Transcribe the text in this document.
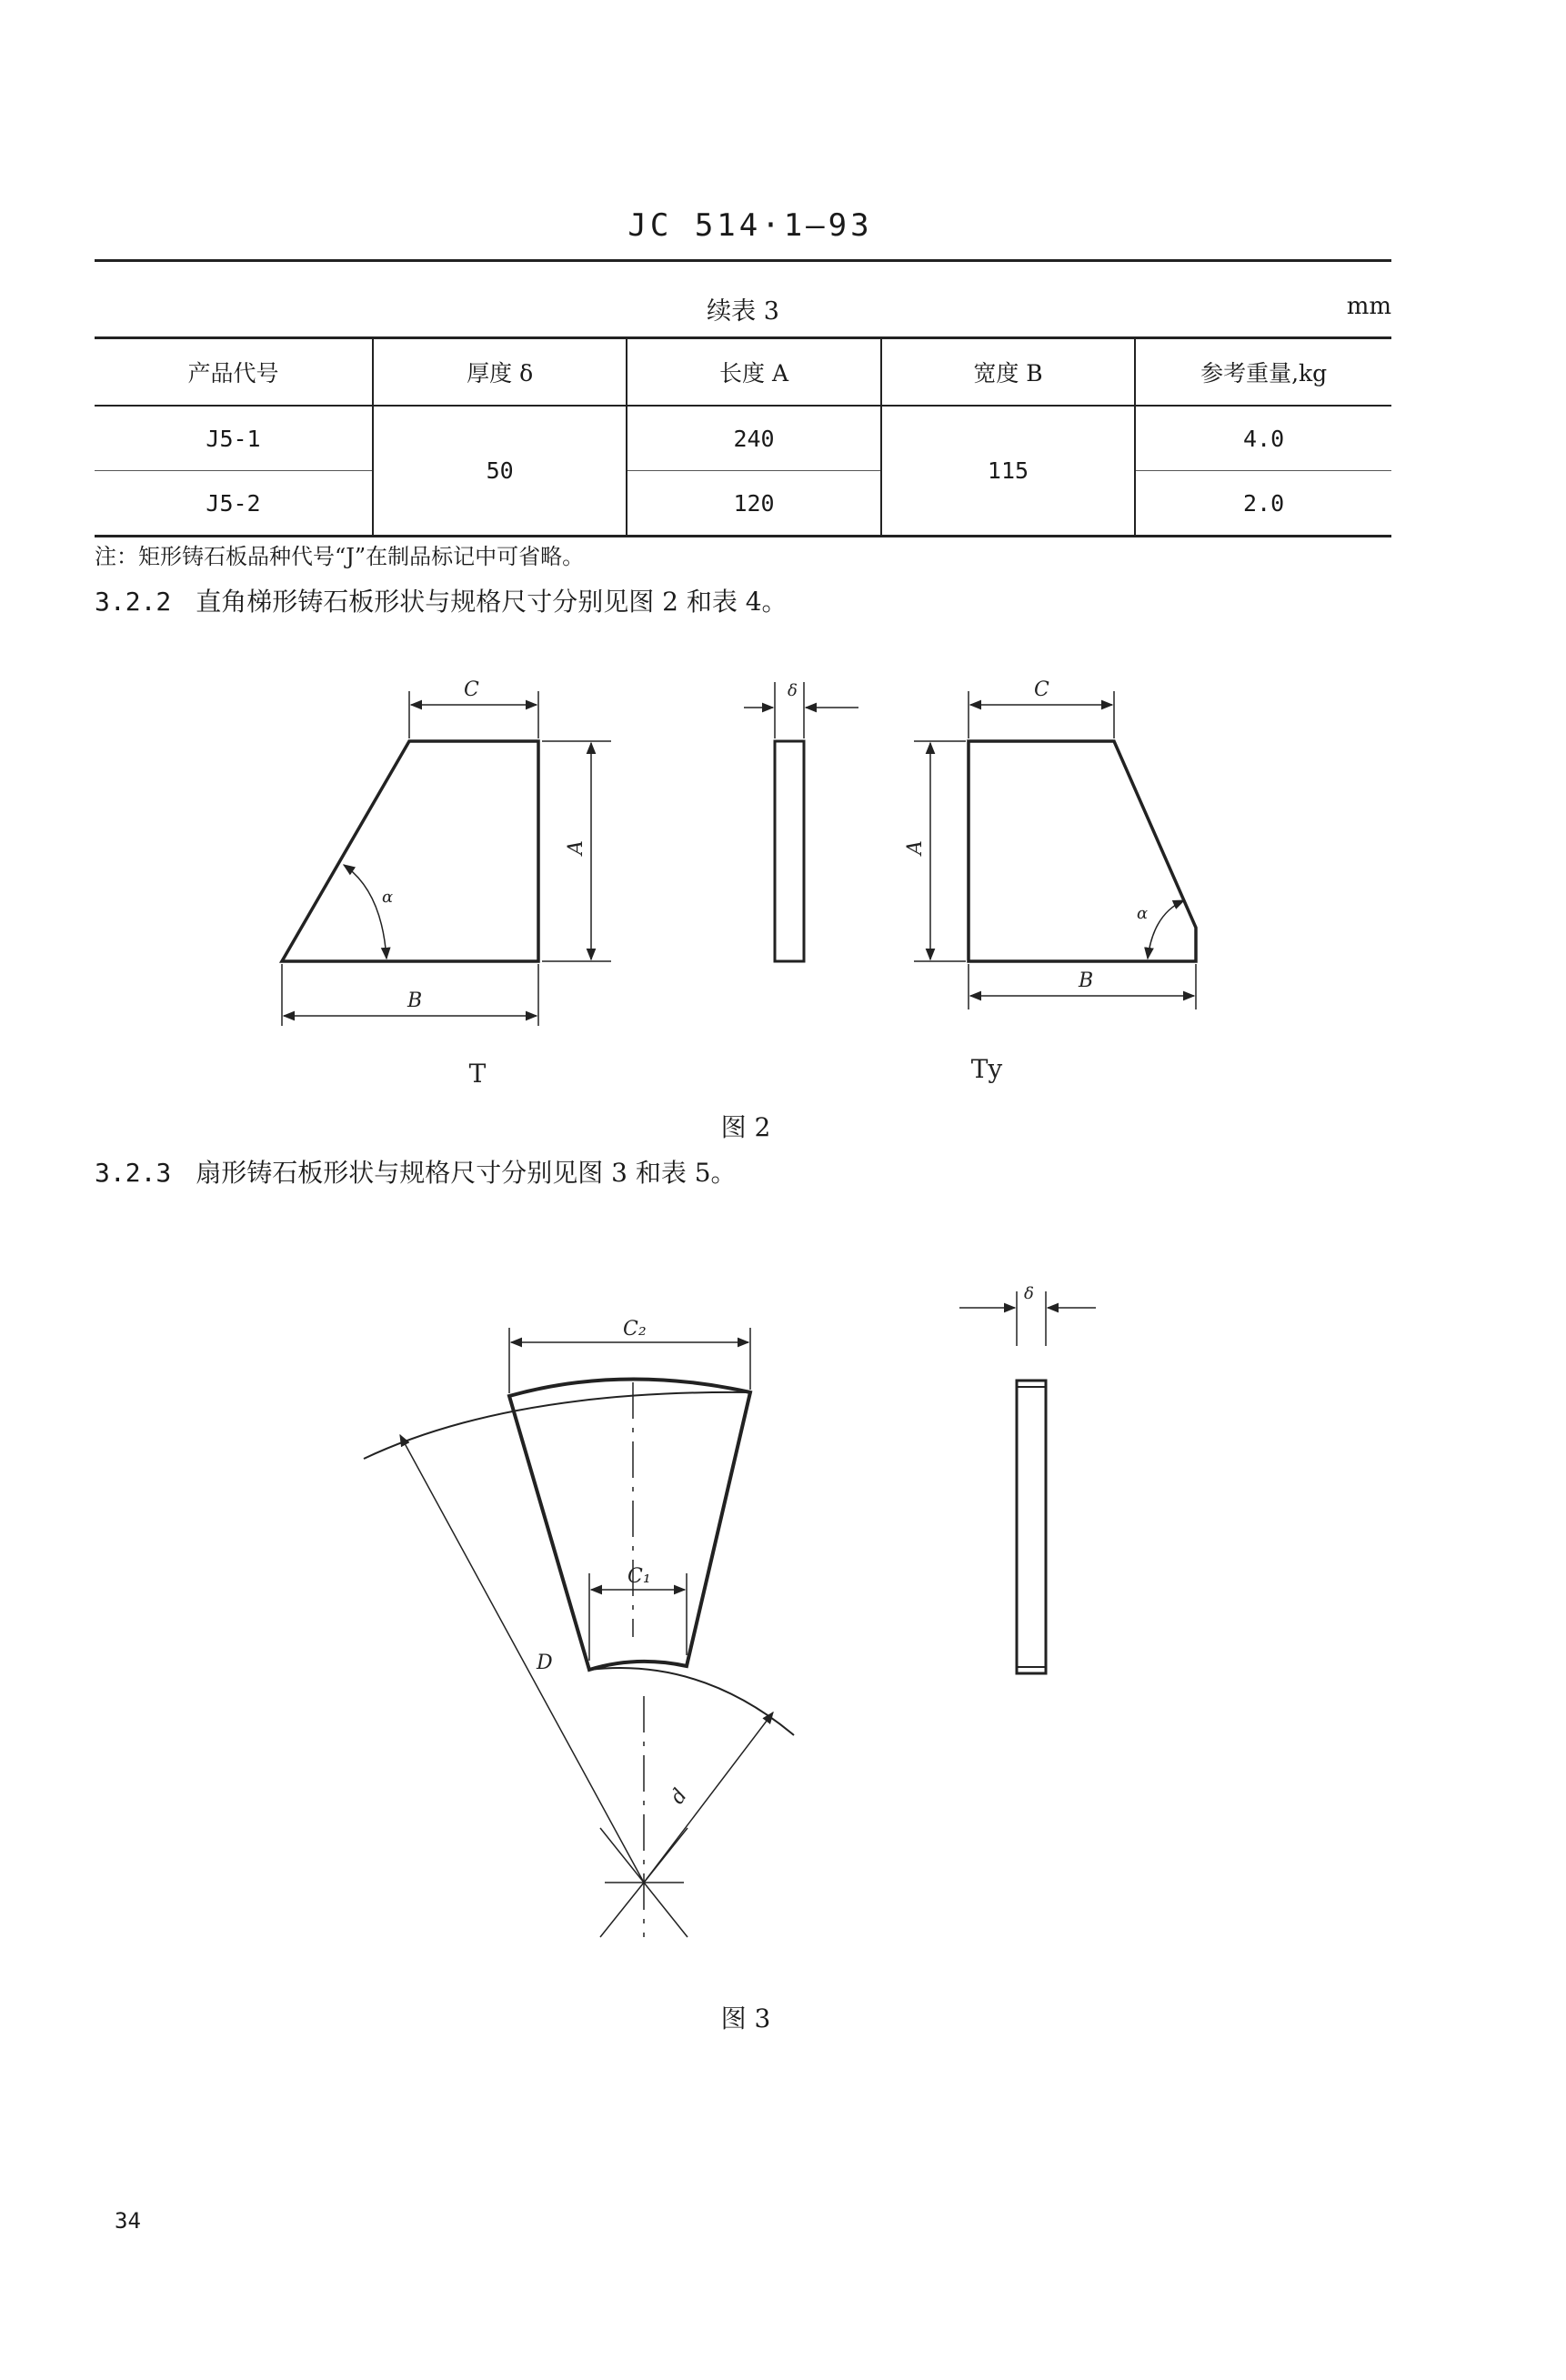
JC 514·1—93
续表 3	mm
产品代号	厚度 δ	长度 A	宽度 B	参考重量,kg
J5-1	50	240	115	4.0
J5-2		120		2.0
注：矩形铸石板品种代号“J”在制品标记中可省略。
3.2.2 直角梯形铸石板形状与规格尺寸分别见图 2 和表 4。
C
A
B
α
δ	C
A
B
α
T	Ty
图 2
3.2.3 扇形铸石板形状与规格尺寸分别见图 3 和表 5。
C₂
C₁
D
d
δ
图 3
34
